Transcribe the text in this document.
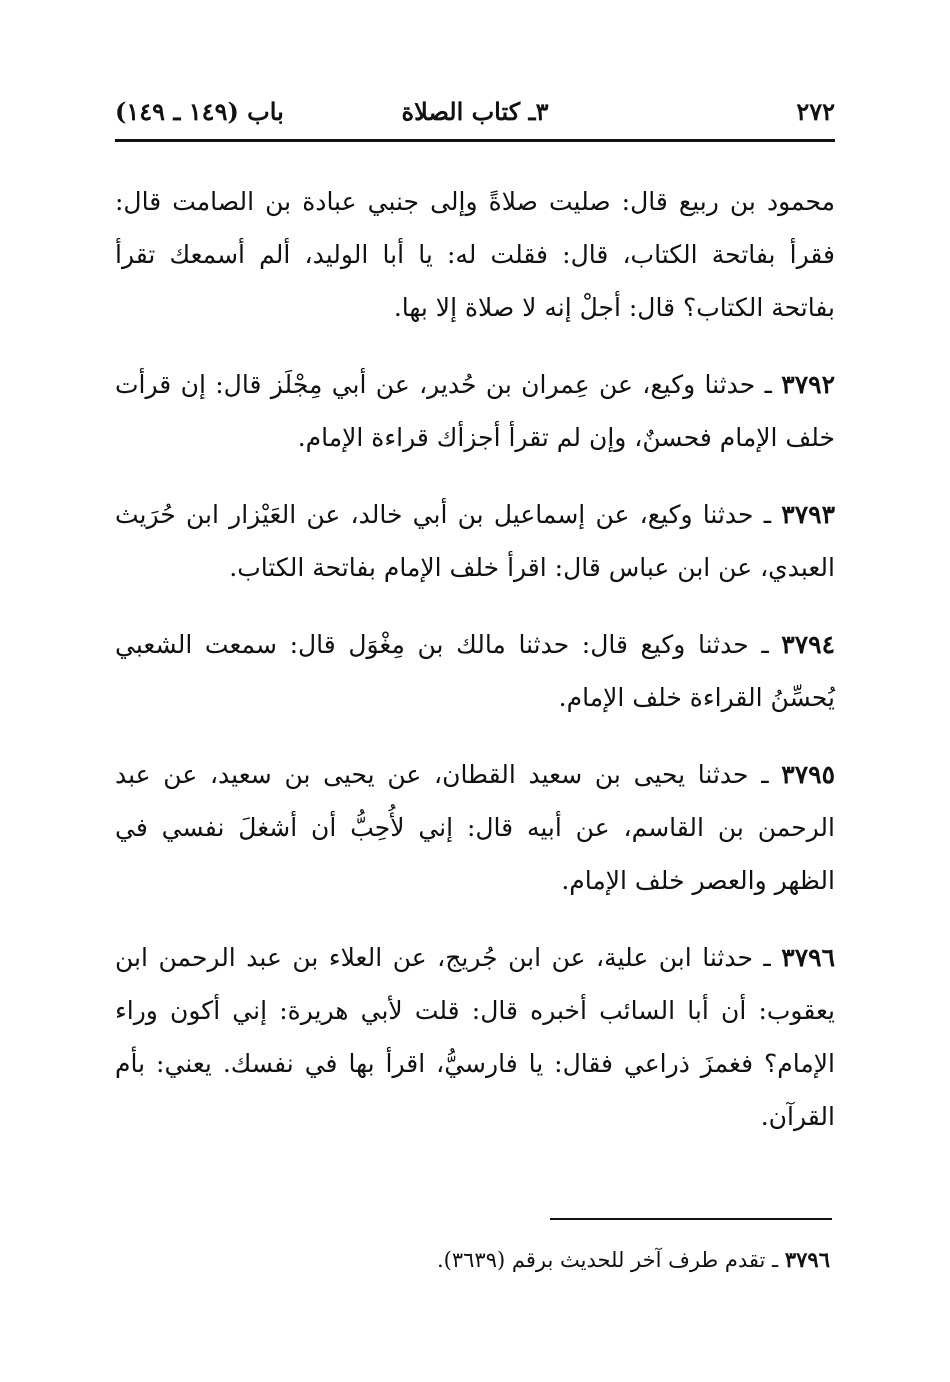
٢٧٢
٣ـ كتاب الصلاة
باب (١٤٩ ـ ١٤٩)

محمود بن ربيع قال: صليت صلاةً وإلى جنبي عبادة بن الصامت قال: فقرأ بفاتحة الكتاب، قال: فقلت له: يا أبا الوليد، ألم أسمعك تقرأ بفاتحة الكتاب؟ قال: أجلْ إنه لا صلاة إلا بها.

٣٧٩٢ ـ حدثنا وكيع، عن عِمران بن حُدير، عن أبي مِجْلَز قال: إن قرأت خلف الإمام فحسنٌ، وإن لم تقرأ أجزأك قراءة الإمام.

٣٧٩٣ ـ حدثنا وكيع، عن إسماعيل بن أبي خالد، عن العَيْزار ابن حُرَيث العبدي، عن ابن عباس قال: اقرأ خلف الإمام بفاتحة الكتاب.

٣٧٩٤ ـ حدثنا وكيع قال: حدثنا مالك بن مِغْوَل قال: سمعت الشعبي يُحسِّنُ القراءة خلف الإمام.

٣٧٩٥ ـ حدثنا يحيى بن سعيد القطان، عن يحيى بن سعيد، عن عبد الرحمن بن القاسم، عن أبيه قال: إني لأُحِبُّ أن أشغلَ نفسي في الظهر والعصر خلف الإمام.

٣٧٩٦ ـ حدثنا ابن علية، عن ابن جُريج، عن العلاء بن عبد الرحمن ابن يعقوب: أن أبا السائب أخبره قال: قلت لأبي هريرة: إني أكون وراء الإمام؟ فغمزَ ذراعي فقال: يا فارسيُّ، اقرأ بها في نفسك. يعني: بأم القرآن.

٣٧٩٦ ـ تقدم طرف آخر للحديث برقم (٣٦٣٩).
